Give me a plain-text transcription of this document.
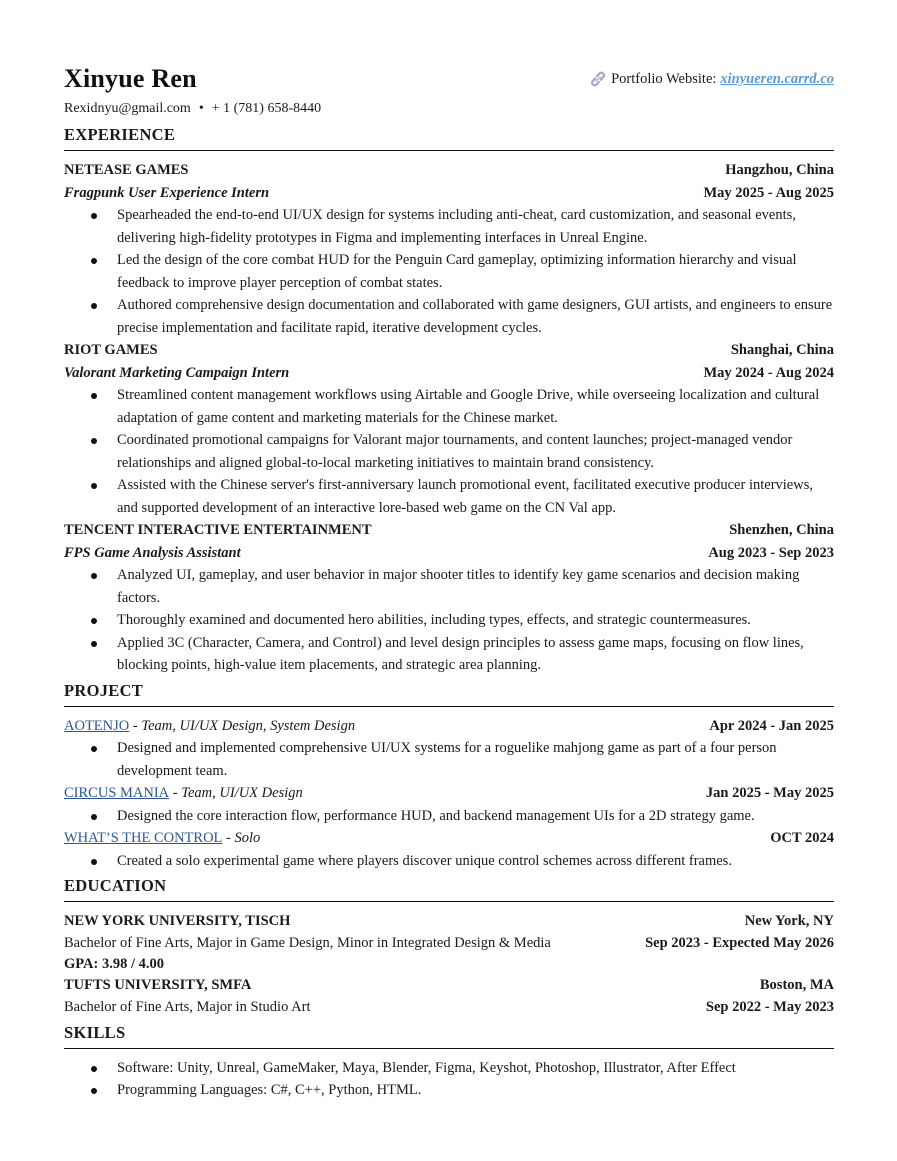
Xinyue Ren	Portfolio Website: xinyueren.carrd.co
Rexidnyu@gmail.com • + 1 (781) 658-8440
EXPERIENCE
NETEASE GAMES	Hangzhou, China
Fragpunk User Experience Intern	May 2025 - Aug 2025
Spearheaded the end-to-end UI/UX design for systems including anti-cheat, card customization, and seasonal events, delivering high-fidelity prototypes in Figma and implementing interfaces in Unreal Engine.
Led the design of the core combat HUD for the Penguin Card gameplay, optimizing information hierarchy and visual feedback to improve player perception of combat states.
Authored comprehensive design documentation and collaborated with game designers, GUI artists, and engineers to ensure precise implementation and facilitate rapid, iterative development cycles.
RIOT GAMES	Shanghai, China
Valorant Marketing Campaign Intern	May 2024 - Aug 2024
Streamlined content management workflows using Airtable and Google Drive, while overseeing localization and cultural adaptation of game content and marketing materials for the Chinese market.
Coordinated promotional campaigns for Valorant major tournaments, and content launches; project-managed vendor relationships and aligned global-to-local marketing initiatives to maintain brand consistency.
Assisted with the Chinese server's first-anniversary launch promotional event, facilitated executive producer interviews, and supported development of an interactive lore-based web game on the CN Val app.
TENCENT INTERACTIVE ENTERTAINMENT	Shenzhen, China
FPS Game Analysis Assistant	Aug 2023 - Sep 2023
Analyzed UI, gameplay, and user behavior in major shooter titles to identify key game scenarios and decision making factors.
Thoroughly examined and documented hero abilities, including types, effects, and strategic countermeasures.
Applied 3C (Character, Camera, and Control) and level design principles to assess game maps, focusing on flow lines, blocking points, high-value item placements, and strategic area planning.
PROJECT
AOTENJO - Team, UI/UX Design, System Design	Apr 2024 - Jan 2025
Designed and implemented comprehensive UI/UX systems for a roguelike mahjong game as part of a four person development team.
CIRCUS MANIA - Team, UI/UX Design	Jan 2025 - May 2025
Designed the core interaction flow, performance HUD, and backend management UIs for a 2D strategy game.
WHAT’S THE CONTROL - Solo	OCT 2024
Created a solo experimental game where players discover unique control schemes across different frames.
EDUCATION
NEW YORK UNIVERSITY, TISCH	New York, NY
Bachelor of Fine Arts, Major in Game Design, Minor in Integrated Design & Media	Sep 2023 - Expected May 2026
GPA: 3.98 / 4.00
TUFTS UNIVERSITY, SMFA	Boston, MA
Bachelor of Fine Arts, Major in Studio Art	Sep 2022 - May 2023
SKILLS
Software: Unity, Unreal, GameMaker, Maya, Blender, Figma, Keyshot, Photoshop, Illustrator, After Effect
Programming Languages: C#, C++, Python, HTML.
